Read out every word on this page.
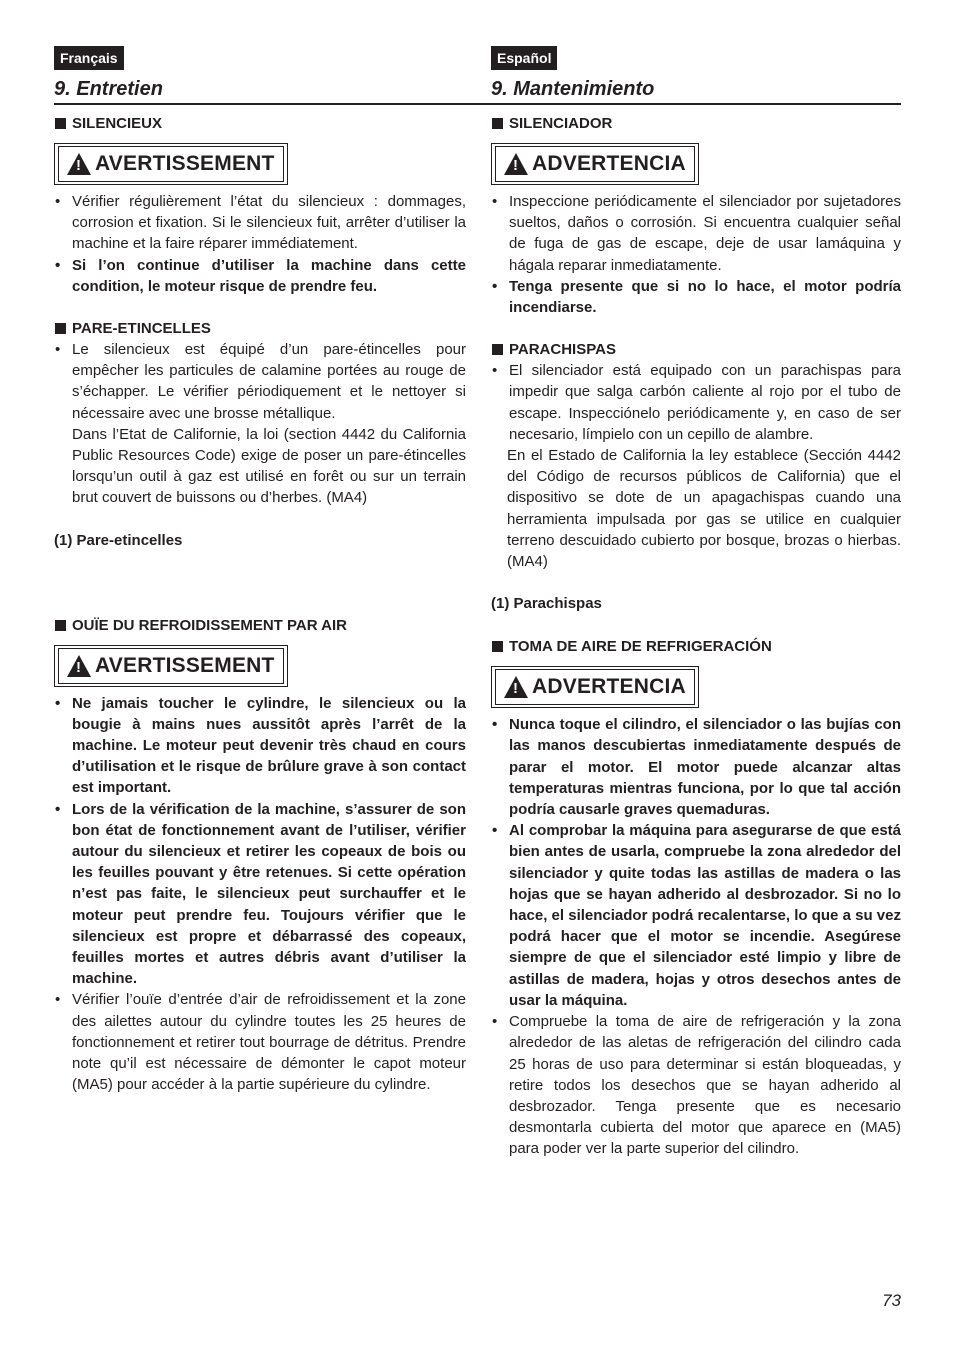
Français
9. Entretien
SILENCIEUX
! AVERTISSEMENT
• Vérifier régulièrement l’état du silencieux : dommages, corrosion et fixation. Si le silencieux fuit, arrêter d’utiliser la machine et la faire réparer immédiatement.
• Si l’on continue d’utiliser la machine dans cette condition, le moteur risque de prendre feu.
PARE-ETINCELLES
• Le silencieux est équipé d’un pare-étincelles pour empêcher les particules de calamine portées au rouge de s’échapper. Le vérifier périodiquement et le nettoyer si nécessaire avec une brosse métallique.
Dans l’Etat de Californie, la loi (section 4442 du California Public Resources Code) exige de poser un pare-étincelles lorsqu’un outil à gaz est utilisé en forêt ou sur un terrain brut couvert de buissons ou d’herbes. (MA4)
(1) Pare-etincelles
OUÏE DU REFROIDISSEMENT PAR AIR
! AVERTISSEMENT
• Ne jamais toucher le cylindre, le silencieux ou la bougie à mains nues aussitôt après l’arrêt de la machine. Le moteur peut devenir très chaud en cours d’utilisation et le risque de brûlure grave à son contact est important.
• Lors de la vérification de la machine, s’assurer de son bon état de fonctionnement avant de l’utiliser, vérifier autour du silencieux et retirer les copeaux de bois ou les feuilles pouvant y être retenues. Si cette opération n’est pas faite, le silencieux peut surchauffer et le moteur peut prendre feu. Toujours vérifier que le silencieux est propre et débarrassé des copeaux, feuilles mortes et autres débris avant d’utiliser la machine.
• Vérifier l’ouïe d’entrée d’air de refroidissement et la zone des ailettes autour du cylindre toutes les 25 heures de fonctionnement et retirer tout bourrage de détritus. Prendre note qu’il est nécessaire de démonter le capot moteur (MA5) pour accéder à la partie supérieure du cylindre.
Español
9. Mantenimiento
SILENCIADOR
! ADVERTENCIA
• Inspeccione periódicamente el silenciador por sujetadores sueltos, daños o corrosión. Si encuentra cualquier señal de fuga de gas de escape, deje de usar lamáquina y hágala reparar inmediatamente.
• Tenga presente que si no lo hace, el motor podría incendiarse.
PARACHISPAS
• El silenciador está equipado con un parachispas para impedir que salga carbón caliente al rojo por el tubo de escape. Inspecciónelo periódicamente y, en caso de ser necesario, límpielo con un cepillo de alambre.
En el Estado de California la ley establece (Sección 4442 del Código de recursos públicos de California) que el dispositivo se dote de un apagachispas cuando una herramienta impulsada por gas se utilice en cualquier terreno descuidado cubierto por bosque, brozas o hierbas. (MA4)
(1) Parachispas
TOMA DE AIRE DE REFRIGERACIÓN
! ADVERTENCIA
• Nunca toque el cilindro, el silenciador o las bujías con las manos descubiertas inmediatamente después de parar el motor. El motor puede alcanzar altas temperaturas mientras funciona, por lo que tal acción podría causarle graves quemaduras.
• Al comprobar la máquina para asegurarse de que está bien antes de usarla, compruebe la zona alrededor del silenciador y quite todas las astillas de madera o las hojas que se hayan adherido al desbrozador. Si no lo hace, el silenciador podrá recalentarse, lo que a su vez podrá hacer que el motor se incendie. Asegúrese siempre de que el silenciador esté limpio y libre de astillas de madera, hojas y otros desechos antes de usar la máquina.
• Compruebe la toma de aire de refrigeración y la zona alrededor de las aletas de refrigeración del cilindro cada 25 horas de uso para determinar si están bloqueadas, y retire todos los desechos que se hayan adherido al desbrozador. Tenga presente que es necesario desmontarla cubierta del motor que aparece en (MA5) para poder ver la parte superior del cilindro.
73
